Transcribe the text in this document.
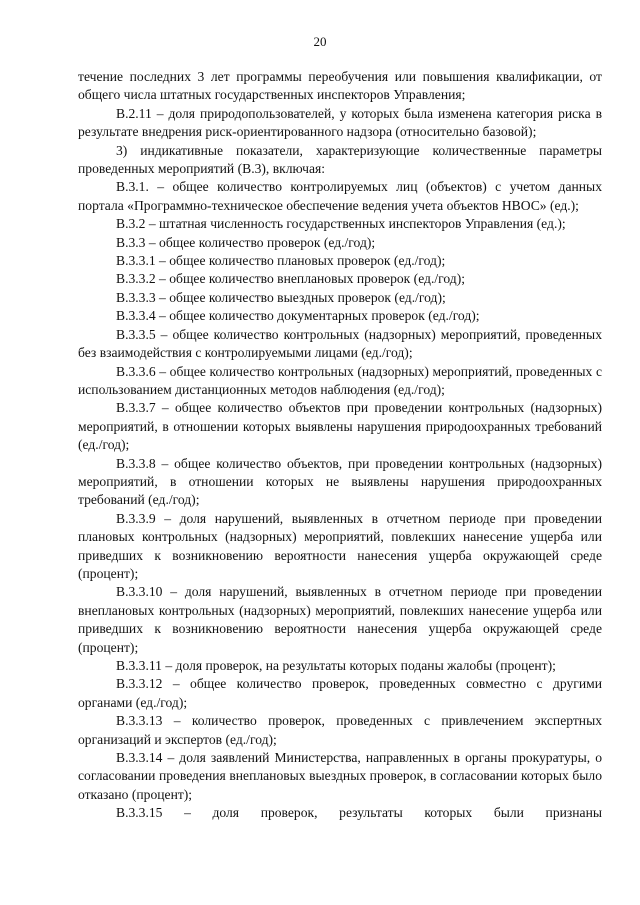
20

течение последних 3 лет программы переобучения или повышения квалификации, от общего числа штатных государственных инспекторов Управления;

В.2.11 – доля природопользователей, у которых была изменена категория риска в результате внедрения риск-ориентированного надзора (относительно базовой);

3) индикативные показатели, характеризующие количественные параметры проведенных мероприятий (В.3), включая:

В.3.1. – общее количество контролируемых лиц (объектов) с учетом данных портала «Программно-техническое обеспечение ведения учета объектов НВОС» (ед.);

В.3.2 – штатная численность государственных инспекторов Управления (ед.);

В.3.3 – общее количество проверок (ед./год);

В.3.3.1 – общее количество плановых проверок (ед./год);

В.3.3.2 – общее количество внеплановых проверок (ед./год);

В.3.3.3 – общее количество выездных проверок (ед./год);

В.3.3.4 – общее количество документарных проверок (ед./год);

В.3.3.5 – общее количество контрольных (надзорных) мероприятий, проведенных без взаимодействия с контролируемыми лицами (ед./год);

В.3.3.6 – общее количество контрольных (надзорных) мероприятий, проведенных с использованием дистанционных методов наблюдения (ед./год);

В.3.3.7 – общее количество объектов при проведении контрольных (надзорных) мероприятий, в отношении которых выявлены нарушения природоохранных требований (ед./год);

В.3.3.8 – общее количество объектов, при проведении контрольных (надзорных) мероприятий, в отношении которых не выявлены нарушения природоохранных требований (ед./год);

В.3.3.9 – доля нарушений, выявленных в отчетном периоде при проведении плановых контрольных (надзорных) мероприятий, повлекших нанесение ущерба или приведших к возникновению вероятности нанесения ущерба окружающей среде (процент);

В.3.3.10 – доля нарушений, выявленных в отчетном периоде при проведении внеплановых контрольных (надзорных) мероприятий, повлекших нанесение ущерба или приведших к возникновению вероятности нанесения ущерба окружающей среде (процент);

В.3.3.11 – доля проверок, на результаты которых поданы жалобы (процент);

В.3.3.12 – общее количество проверок, проведенных совместно с другими органами (ед./год);

В.3.3.13 – количество проверок, проведенных с привлечением экспертных организаций и экспертов (ед./год);

В.3.3.14 – доля заявлений Министерства, направленных в органы прокуратуры, о согласовании проведения внеплановых выездных проверок, в согласовании которых было отказано (процент);

В.3.3.15 – доля проверок, результаты которых были признаны
